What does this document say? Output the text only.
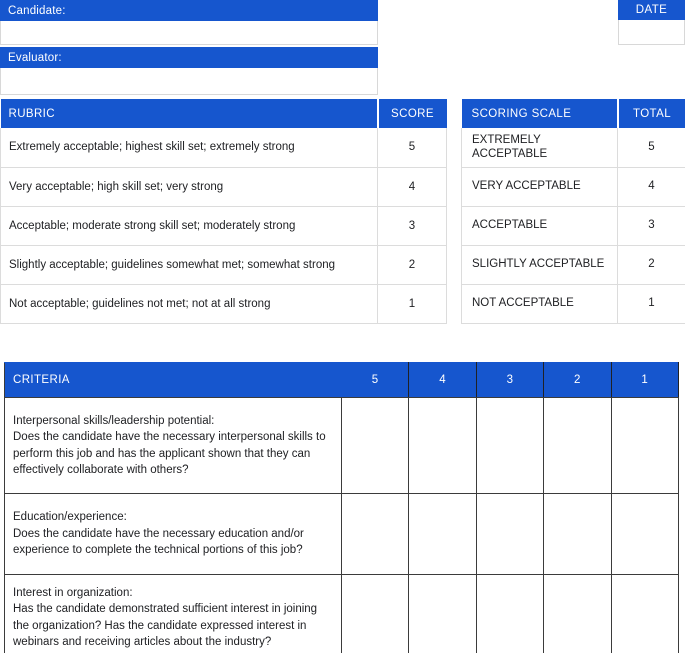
Candidate:
Evaluator:
DATE
RUBRIC	SCORE
Extremely acceptable; highest skill set; extremely strong	5
Very acceptable; high skill set; very strong	4
Acceptable; moderate strong skill set; moderately strong	3
Slightly acceptable; guidelines somewhat met; somewhat strong	2
Not acceptable; guidelines not met; not at all strong	1
SCORING SCALE	TOTAL
EXTREMELY ACCEPTABLE	5
VERY ACCEPTABLE	4
ACCEPTABLE	3
SLIGHTLY ACCEPTABLE	2
NOT ACCEPTABLE	1
CRITERIA	5	4	3	2	1

Interpersonal skills/leadership potential:
Does the candidate have the necessary interpersonal skills to perform this job and has the applicant shown that they can effectively collaborate with others?					

Education/experience:
Does the candidate have the necessary education and/or experience to complete the technical portions of this job?					

Interest in organization:
Has the candidate demonstrated sufficient interest in joining the organization? Has the candidate expressed interest in webinars and receiving articles about the industry?					
